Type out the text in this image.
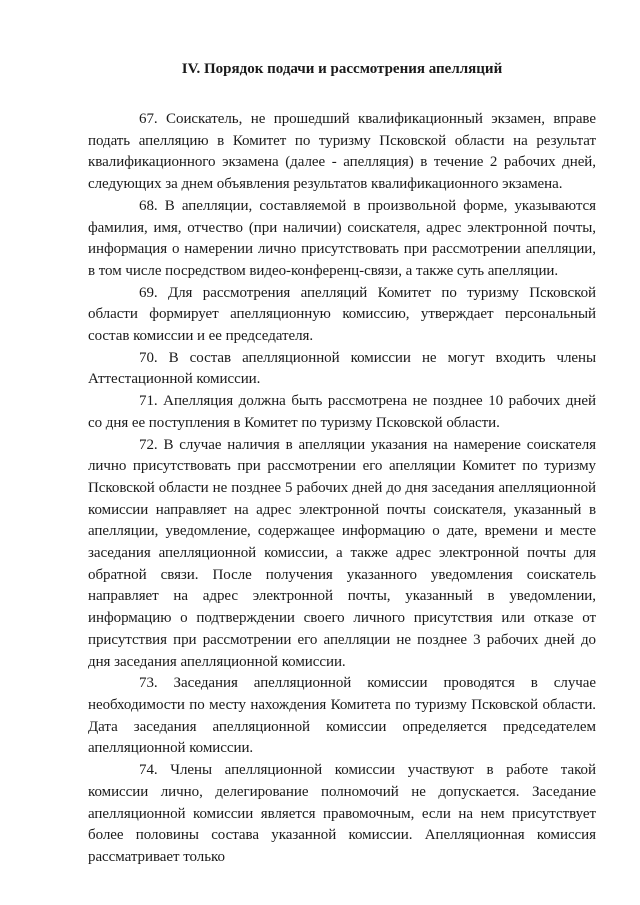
IV. Порядок подачи и рассмотрения апелляций

67. Соискатель, не прошедший квалификационный экзамен, вправе подать апелляцию в Комитет по туризму Псковской области на результат квалификационного экзамена (далее - апелляция) в течение 2 рабочих дней, следующих за днем объявления результатов квалификационного экзамена.

68. В апелляции, составляемой в произвольной форме, указываются фамилия, имя, отчество (при наличии) соискателя, адрес электронной почты, информация о намерении лично присутствовать при рассмотрении апелляции, в том числе посредством видео-конференц-связи, а также суть апелляции.

69. Для рассмотрения апелляций Комитет по туризму Псковской области формирует апелляционную комиссию, утверждает персональный состав комиссии и ее председателя.

70. В состав апелляционной комиссии не могут входить члены Аттестационной комиссии.

71. Апелляция должна быть рассмотрена не позднее 10 рабочих дней со дня ее поступления в Комитет по туризму Псковской области.

72. В случае наличия в апелляции указания на намерение соискателя лично присутствовать при рассмотрении его апелляции Комитет по туризму Псковской области не позднее 5 рабочих дней до дня заседания апелляционной комиссии направляет на адрес электронной почты соискателя, указанный в апелляции, уведомление, содержащее информацию о дате, времени и месте заседания апелляционной комиссии, а также адрес электронной почты для обратной связи. После получения указанного уведомления соискатель направляет на адрес электронной почты, указанный в уведомлении, информацию о подтверждении своего личного присутствия или отказе от присутствия при рассмотрении его апелляции не позднее 3 рабочих дней до дня заседания апелляционной комиссии.

73. Заседания апелляционной комиссии проводятся в случае необходимости по месту нахождения Комитета по туризму Псковской области. Дата заседания апелляционной комиссии определяется председателем апелляционной комиссии.

74. Члены апелляционной комиссии участвуют в работе такой комиссии лично, делегирование полномочий не допускается. Заседание апелляционной комиссии является правомочным, если на нем присутствует более половины состава указанной комиссии. Апелляционная комиссия рассматривает только
